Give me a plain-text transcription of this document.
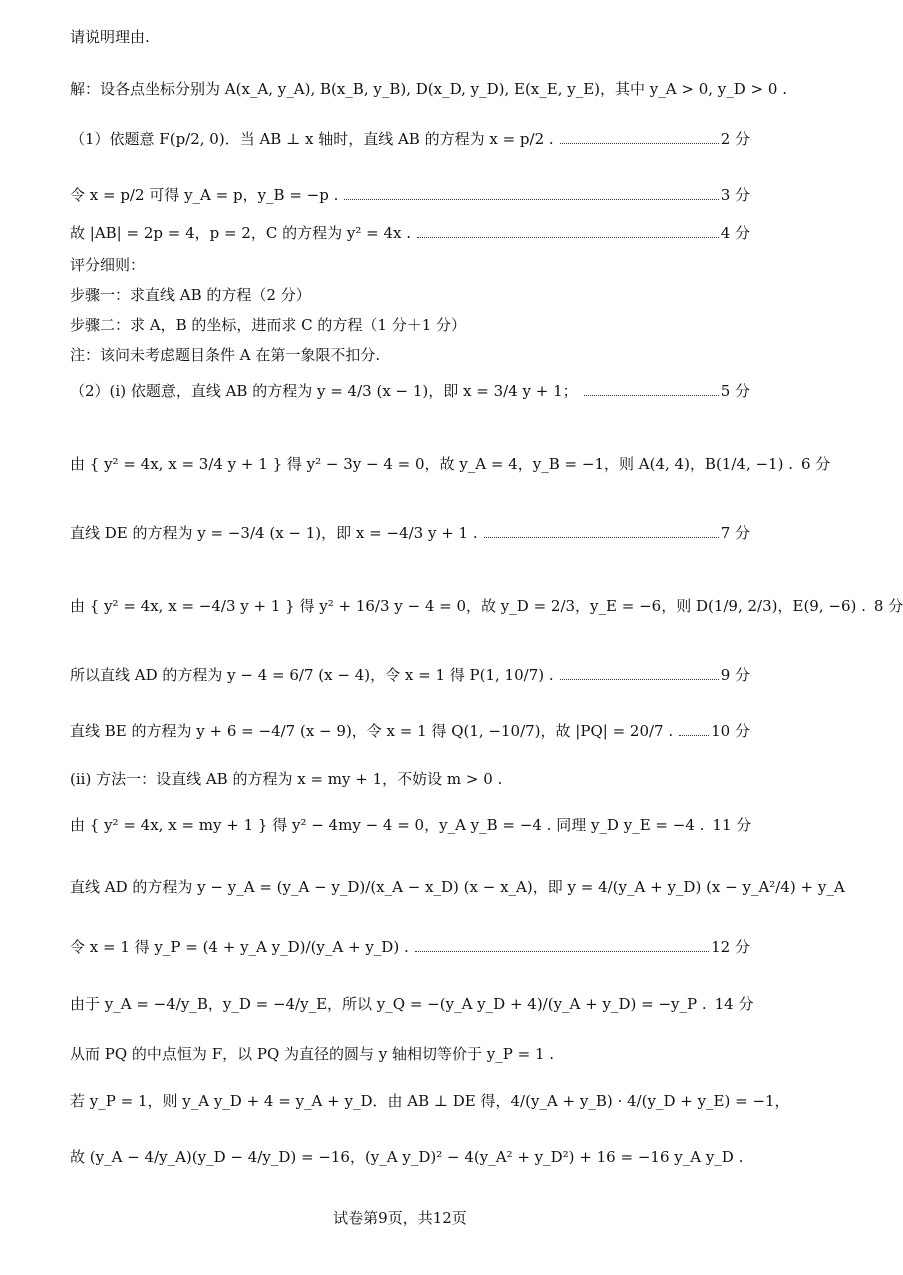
请说明理由.
解：设各点坐标分别为 A(x_A, y_A), B(x_B, y_B), D(x_D, y_D), E(x_E, y_E)，其中 y_A > 0, y_D > 0 .
（1）依题意 F(p/2, 0)．当 AB ⊥ x 轴时，直线 AB 的方程为 x = p/2 .	2 分
令 x = p/2 可得 y_A = p，y_B = −p .	3 分
故 |AB| = 2p = 4，p = 2，C 的方程为 y² = 4x .	4 分
评分细则：
步骤一：求直线 AB 的方程（2 分）
步骤二：求 A，B 的坐标，进而求 C 的方程（1 分＋1 分）
注：该问未考虑题目条件 A 在第一象限不扣分.
（2）(i) 依题意，直线 AB 的方程为 y = 4/3 (x − 1)，即 x = 3/4 y + 1；	5 分
由 { y² = 4x, x = 3/4 y + 1 } 得 y² − 3y − 4 = 0，故 y_A = 4，y_B = −1，则 A(4, 4)，B(1/4, −1) . 6 分
直线 DE 的方程为 y = −3/4 (x − 1)，即 x = −4/3 y + 1 .	7 分
由 { y² = 4x, x = −4/3 y + 1 } 得 y² + 16/3 y − 4 = 0，故 y_D = 2/3，y_E = −6，则 D(1/9, 2/3)，E(9, −6) . 8 分
所以直线 AD 的方程为 y − 4 = 6/7 (x − 4)，令 x = 1 得 P(1, 10/7) .	9 分
直线 BE 的方程为 y + 6 = −4/7 (x − 9)，令 x = 1 得 Q(1, −10/7)，故 |PQ| = 20/7 .	10 分
(ii) 方法一：设直线 AB 的方程为 x = my + 1，不妨设 m > 0 .
由 { y² = 4x, x = my + 1 } 得 y² − 4my − 4 = 0，y_A y_B = −4 . 同理 y_D y_E = −4 . 11 分
直线 AD 的方程为 y − y_A = (y_A − y_D)/(x_A − x_D) (x − x_A)，即 y = 4/(y_A + y_D) (x − y_A²/4) + y_A
令 x = 1 得 y_P = (4 + y_A y_D)/(y_A + y_D) .	12 分
由于 y_A = −4/y_B，y_D = −4/y_E，所以 y_Q = −(y_A y_D + 4)/(y_A + y_D) = −y_P . 14 分
从而 PQ 的中点恒为 F，以 PQ 为直径的圆与 y 轴相切等价于 y_P = 1 .
若 y_P = 1，则 y_A y_D + 4 = y_A + y_D．由 AB ⊥ DE 得，4/(y_A + y_B) · 4/(y_D + y_E) = −1，
故 (y_A − 4/y_A)(y_D − 4/y_D) = −16，(y_A y_D)² − 4(y_A² + y_D²) + 16 = −16 y_A y_D .
试卷第9页，共12页
